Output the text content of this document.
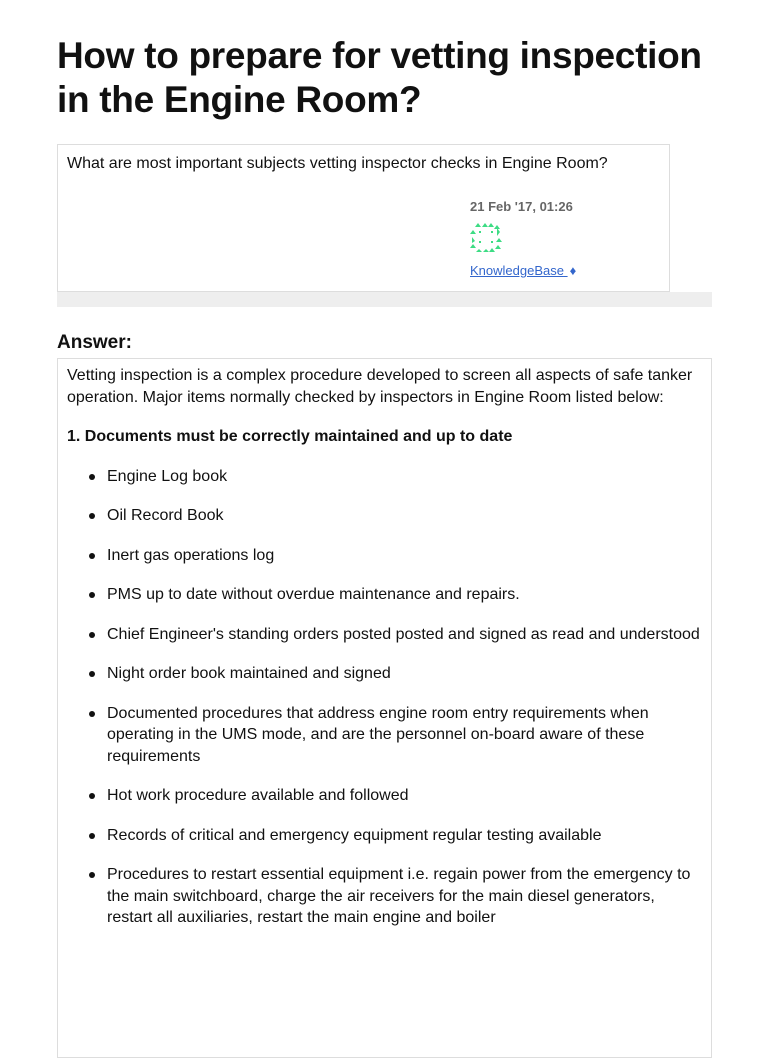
How to prepare for vetting inspection in the Engine Room?
What are most important subjects vetting inspector checks in Engine Room?
21 Feb '17, 01:26
KnowledgeBase ♦
Answer:

Vetting inspection is a complex procedure developed to screen all aspects of safe tanker operation. Major items normally checked by inspectors in Engine Room listed below:

1. Documents must be correctly maintained and up to date

Engine Log book
Oil Record Book
Inert gas operations log
PMS up to date without overdue maintenance and repairs.
Chief Engineer's standing orders posted posted and signed as read and understood
Night order book maintained and signed
Documented procedures that address engine room entry requirements when operating in the UMS mode, and are the personnel on-board aware of these requirements
Hot work procedure available and followed
Records of critical and emergency equipment regular testing available
Procedures to restart essential equipment i.e. regain power from the emergency to the main switchboard, charge the air receivers for the main diesel generators, restart all auxiliaries, restart the main engine and boiler
